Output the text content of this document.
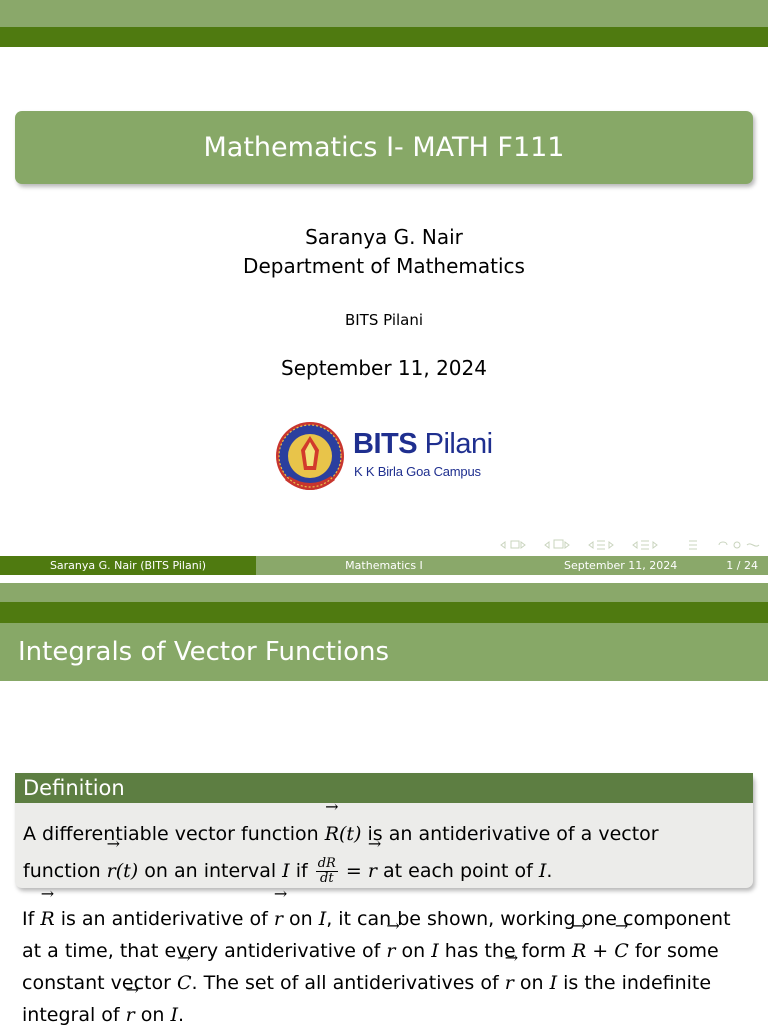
Mathematics I- MATH F111
Saranya G. Nair
Department of Mathematics
BITS Pilani
September 11, 2024
BITS Pilani
K K Birla Goa Campus
Saranya G. Nair (BITS Pilani)	Mathematics I	September 11, 2024	1 / 24
Integrals of Vector Functions
Definition
A differentiable vector function → R(t) is an antiderivative of a vector
function → r(t) on an interval I if $\frac{dR}{dt}$ = → r at each point of I.
If → R is an antiderivative of → r on I, it can be shown, working one component at a time, that every antiderivative of → r on I has the form → R + → C for some constant vector → C. The set of all antiderivatives of → r on I is the indefinite integral of → r on I.
